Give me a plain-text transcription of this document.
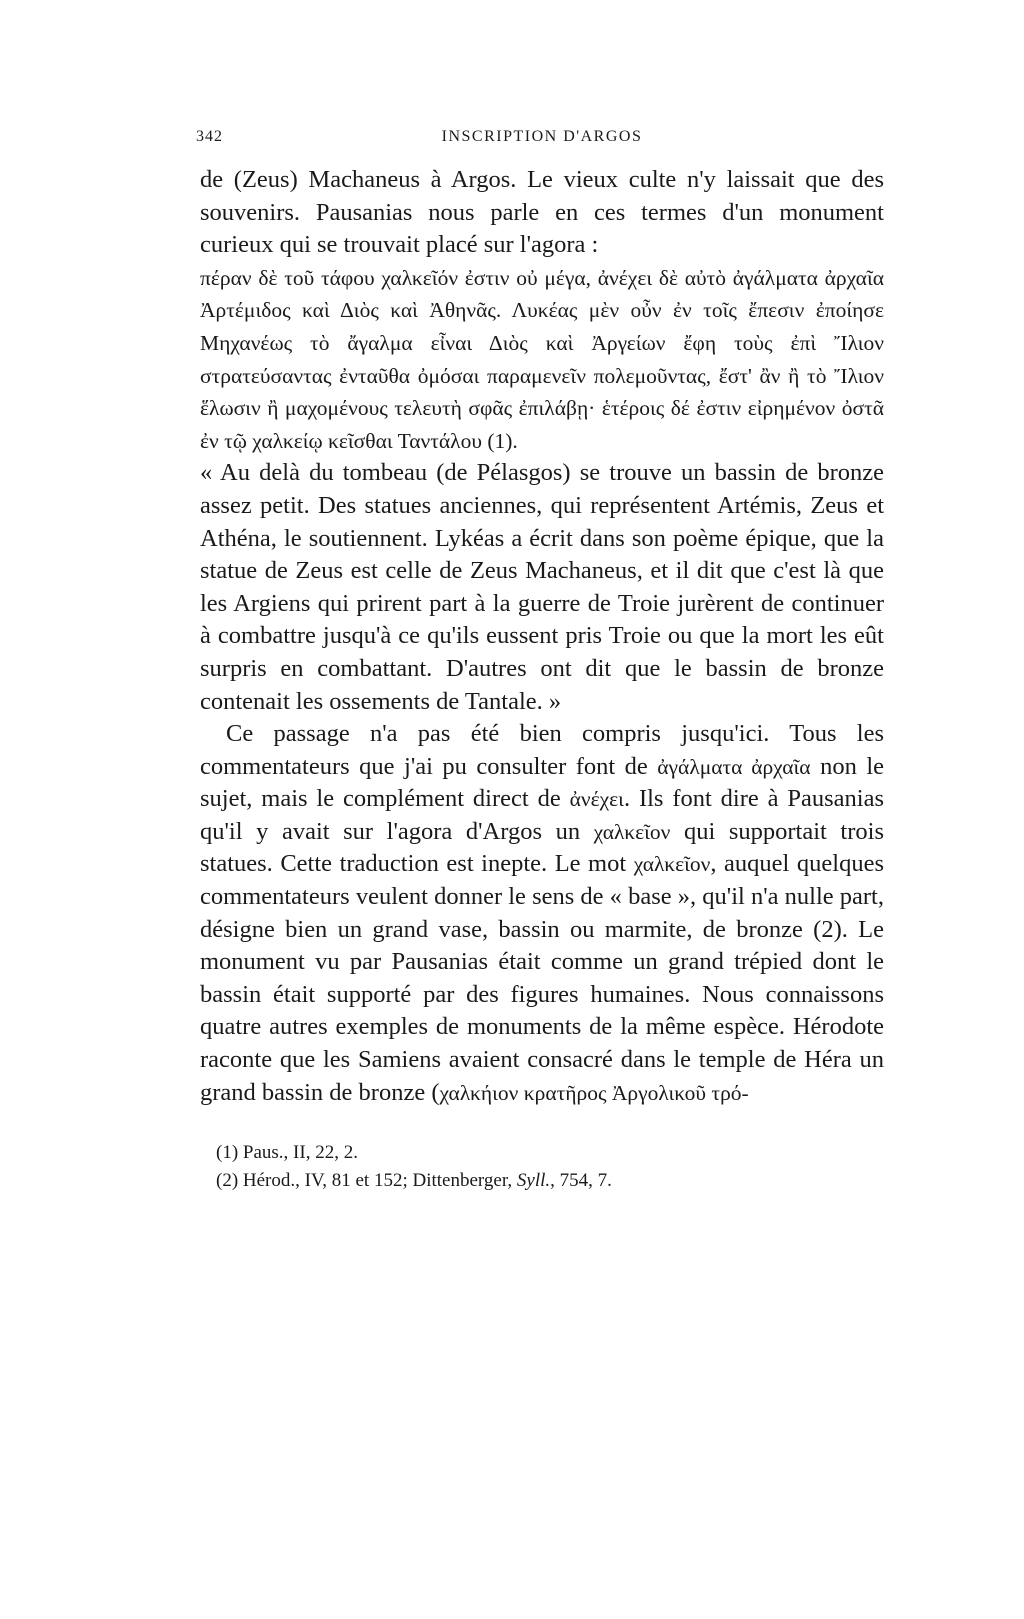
342	INSCRIPTION D'ARGOS

de (Zeus) Machaneus à Argos. Le vieux culte n'y laissait que des souvenirs. Pausanias nous parle en ces termes d'un monument curieux qui se trouvait placé sur l'agora :

πέραν δὲ τοῦ τάφου χαλκεῖόν ἐστιν οὐ μέγα, ἀνέχει δὲ αὐτὸ ἀγάλματα ἀρχαῖα Ἀρτέμιδος καὶ Διὸς καὶ Ἀθηνᾶς. Λυκέας μὲν οὖν ἐν τοῖς ἔπεσιν ἐποίησε Μηχανέως τὸ ἄγαλμα εἶναι Διὸς καὶ Ἀργείων ἔφη τοὺς ἐπὶ Ἴλιον στρατεύσαντας ἐνταῦθα ὀμόσαι παραμενεῖν πολεμοῦντας, ἔστ' ἂν ἢ τὸ Ἴλιον ἕλωσιν ἢ μαχομένους τελευτὴ σφᾶς ἐπιλάβῃ· ἑτέροις δέ ἐστιν εἰρημένον ὀστᾶ ἐν τῷ χαλκείῳ κεῖσθαι Ταντάλου (1).

« Au delà du tombeau (de Pélasgos) se trouve un bassin de bronze assez petit. Des statues anciennes, qui représentent Artémis, Zeus et Athéna, le soutiennent. Lykéas a écrit dans son poème épique, que la statue de Zeus est celle de Zeus Machaneus, et il dit que c'est là que les Argiens qui prirent part à la guerre de Troie jurèrent de continuer à combattre jusqu'à ce qu'ils eussent pris Troie ou que la mort les eût surpris en combattant. D'autres ont dit que le bassin de bronze contenait les ossements de Tantale. »

Ce passage n'a pas été bien compris jusqu'ici. Tous les commentateurs que j'ai pu consulter font de ἀγάλματα ἀρχαῖα non le sujet, mais le complément direct de ἀνέχει. Ils font dire à Pausanias qu'il y avait sur l'agora d'Argos un χαλκεῖον qui supportait trois statues. Cette traduction est inepte. Le mot χαλκεῖον, auquel quelques commentateurs veulent donner le sens de « base », qu'il n'a nulle part, désigne bien un grand vase, bassin ou marmite, de bronze (2). Le monument vu par Pausanias était comme un grand trépied dont le bassin était supporté par des figures humaines. Nous connaissons quatre autres exemples de monuments de la même espèce. Hérodote raconte que les Samiens avaient consacré dans le temple de Héra un grand bassin de bronze (χαλκήιον κρατῆρος Ἀργολικοῦ τρό-

(1) Paus., II, 22, 2.
(2) Hérod., IV, 81 et 152; Dittenberger, Syll., 754, 7.
